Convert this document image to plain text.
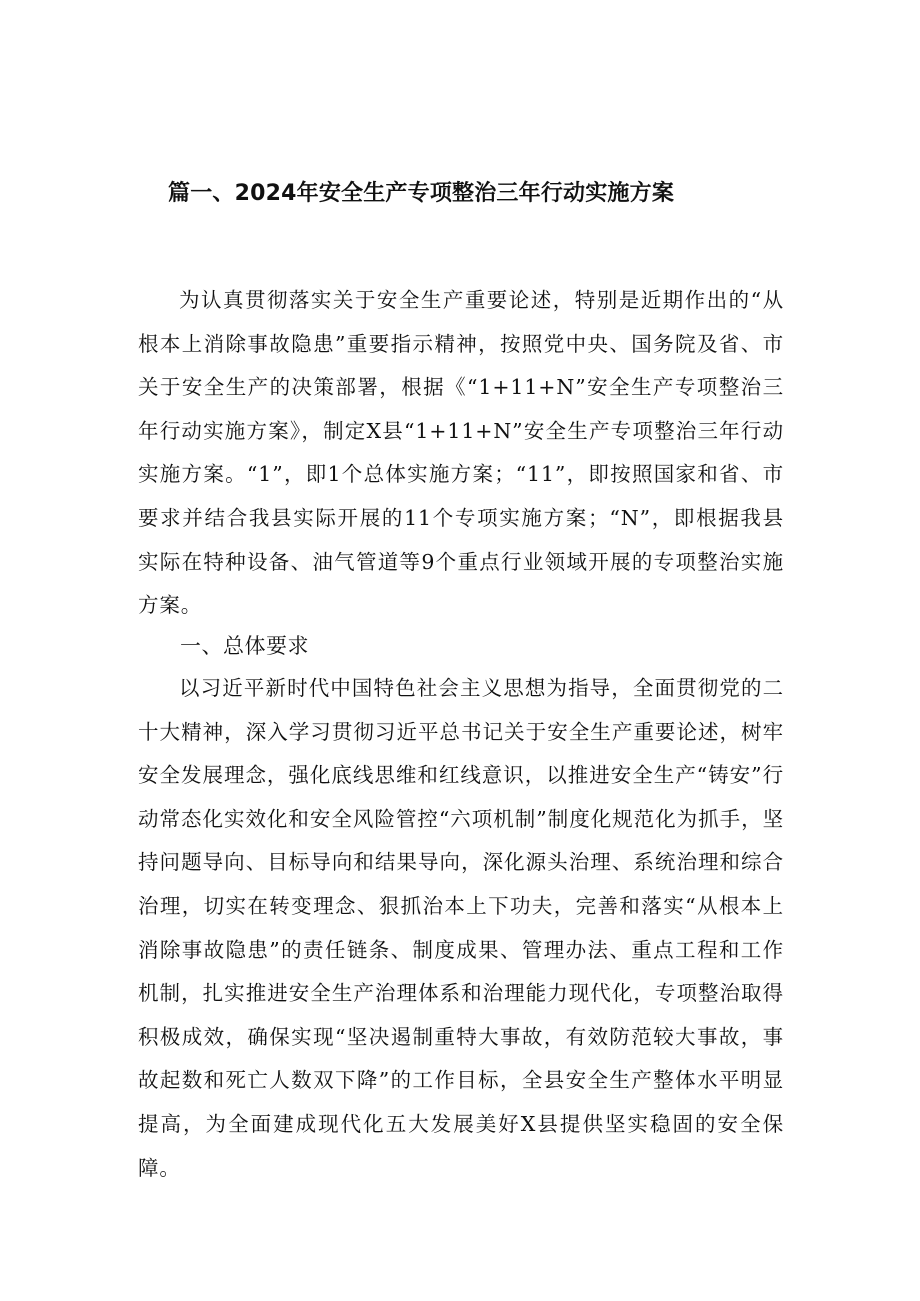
篇一、2024年安全生产专项整治三年行动实施方案

为认真贯彻落实关于安全生产重要论述，特别是近期作出的“从根本上消除事故隐患”重要指示精神，按照党中央、国务院及省、市关于安全生产的决策部署，根据《“1+11+N”安全生产专项整治三年行动实施方案》，制定X县“1+11+N”安全生产专项整治三年行动实施方案。“1”，即1个总体实施方案；“11”，即按照国家和省、市要求并结合我县实际开展的11个专项实施方案；“N”，即根据我县实际在特种设备、油气管道等9个重点行业领域开展的专项整治实施方案。

一、总体要求

以习近平新时代中国特色社会主义思想为指导，全面贯彻党的二十大精神，深入学习贯彻习近平总书记关于安全生产重要论述，树牢安全发展理念，强化底线思维和红线意识，以推进安全生产“铸安”行动常态化实效化和安全风险管控“六项机制”制度化规范化为抓手，坚持问题导向、目标导向和结果导向，深化源头治理、系统治理和综合治理，切实在转变理念、狠抓治本上下功夫，完善和落实“从根本上消除事故隐患”的责任链条、制度成果、管理办法、重点工程和工作机制，扎实推进安全生产治理体系和治理能力现代化，专项整治取得积极成效，确保实现“坚决遏制重特大事故，有效防范较大事故，事故起数和死亡人数双下降”的工作目标，全县安全生产整体水平明显提高，为全面建成现代化五大发展美好X县提供坚实稳固的安全保障。
